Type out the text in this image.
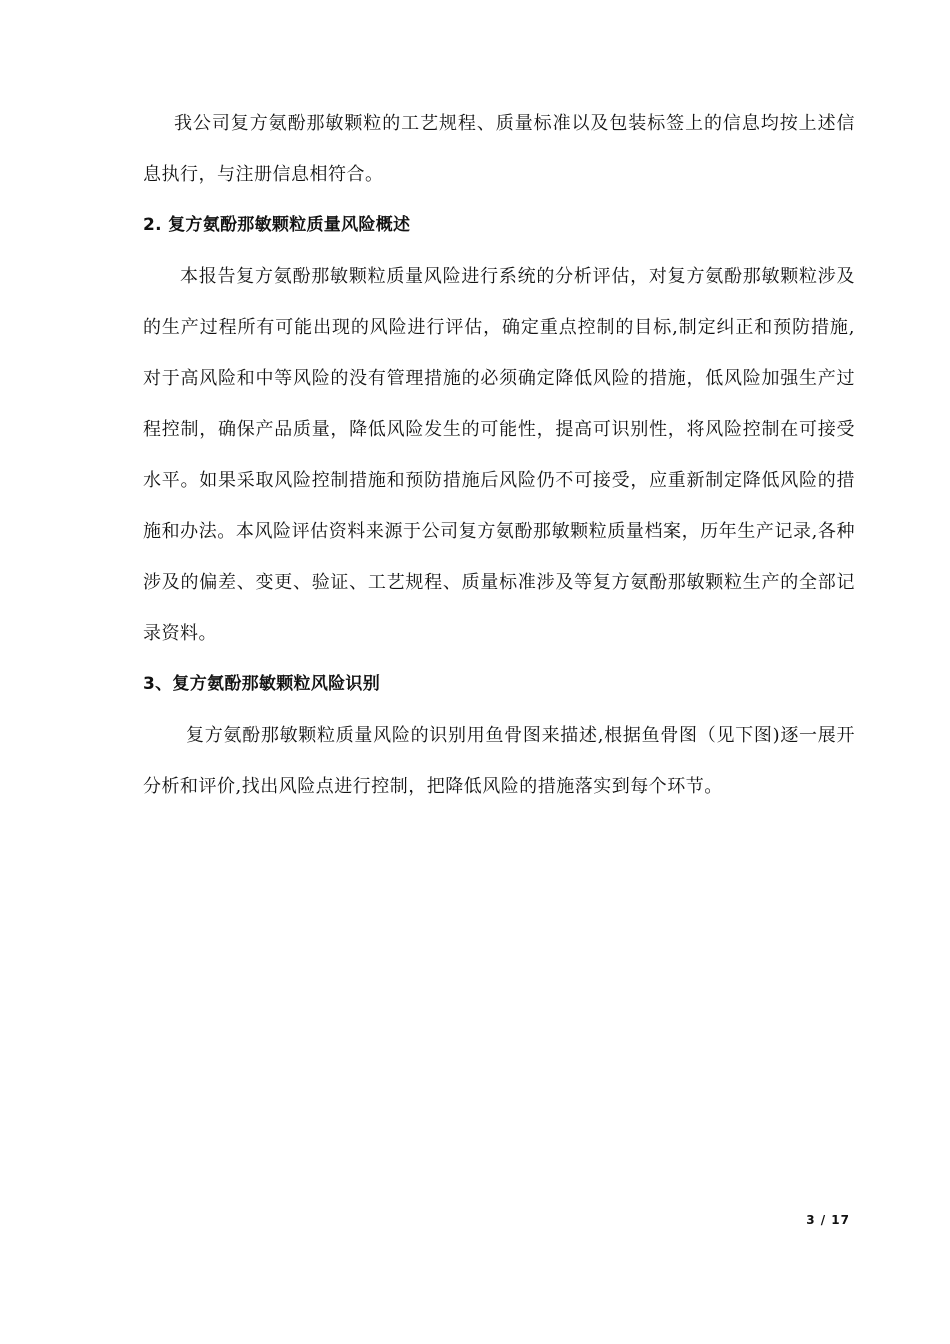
我公司复方氨酚那敏颗粒的工艺规程、质量标准以及包装标签上的信息均按上述信息执行，与注册信息相符合。

2. 复方氨酚那敏颗粒质量风险概述

本报告复方氨酚那敏颗粒质量风险进行系统的分析评估，对复方氨酚那敏颗粒涉及的生产过程所有可能出现的风险进行评估，确定重点控制的目标,制定纠正和预防措施,对于高风险和中等风险的没有管理措施的必须确定降低风险的措施，低风险加强生产过程控制，确保产品质量，降低风险发生的可能性，提高可识别性，将风险控制在可接受水平。如果采取风险控制措施和预防措施后风险仍不可接受，应重新制定降低风险的措施和办法。本风险评估资料来源于公司复方氨酚那敏颗粒质量档案，历年生产记录,各种涉及的偏差、变更、验证、工艺规程、质量标准涉及等复方氨酚那敏颗粒生产的全部记录资料。

3、复方氨酚那敏颗粒风险识别

复方氨酚那敏颗粒质量风险的识别用鱼骨图来描述,根据鱼骨图（见下图)逐一展开分析和评价,找出风险点进行控制，把降低风险的措施落实到每个环节。

3 / 17
